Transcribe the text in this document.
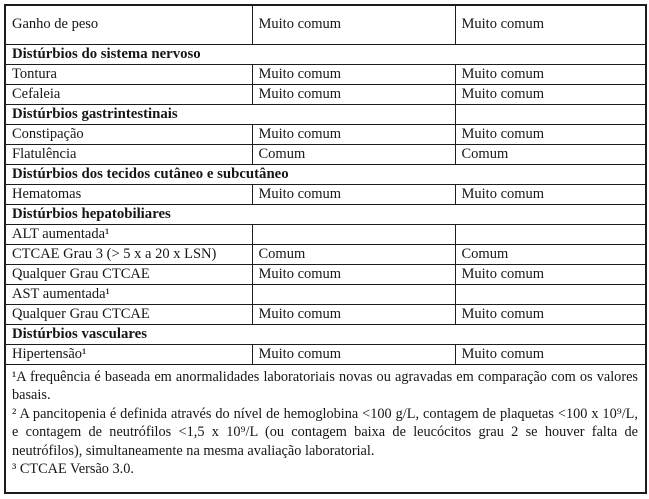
Ganho de peso	Muito comum	Muito comum
Distúrbios do sistema nervoso		
Tontura	Muito comum	Muito comum
Cefaleia	Muito comum	Muito comum
Distúrbios gastrintestinais		
Constipação	Muito comum	Muito comum
Flatulência	Comum	Comum
Distúrbios dos tecidos cutâneo e subcutâneo		
Hematomas	Muito comum	Muito comum
Distúrbios hepatobiliares		
ALT aumentada¹		
CTCAE Grau 3 (> 5 x a 20 x LSN)	Comum	Comum
Qualquer Grau CTCAE	Muito comum	Muito comum
AST aumentada¹		
Qualquer Grau CTCAE	Muito comum	Muito comum
Distúrbios vasculares		
Hipertensão¹	Muito comum	Muito comum

¹A frequência é baseada em anormalidades laboratoriais novas ou agravadas em comparação com os valores basais.

² A pancitopenia é definida através do nível de hemoglobina <100 g/L, contagem de plaquetas <100 x 10⁹/L, e contagem de neutrófilos <1,5 x 10⁹/L (ou contagem baixa de leucócitos grau 2 se houver falta de neutrófilos), simultaneamente na mesma avaliação laboratorial.

³ CTCAE Versão 3.0.		
